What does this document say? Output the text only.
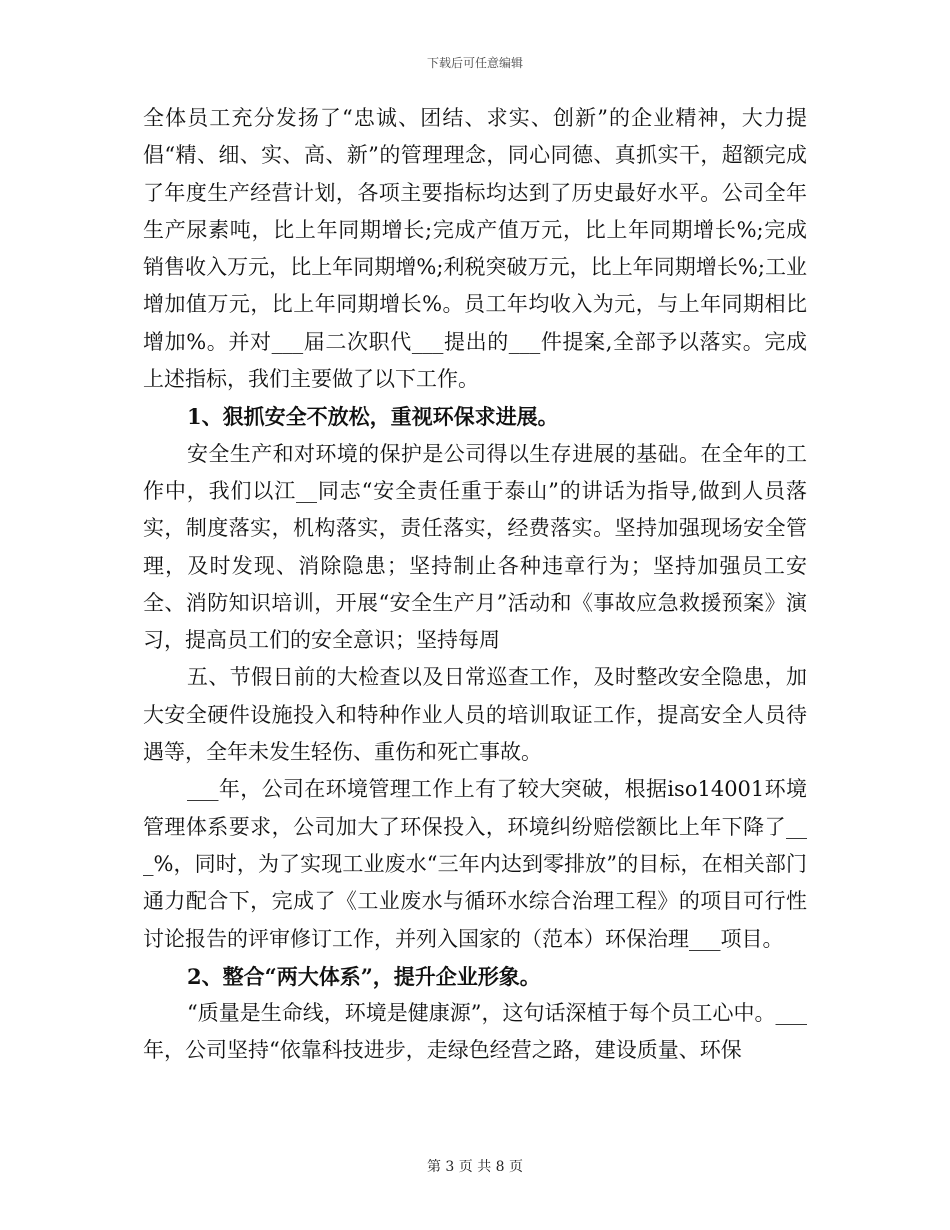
下载后可任意编辑

全体员工充分发扬了“忠诚、团结、求实、创新”的企业精神，大力提倡“精、细、实、高、新”的管理理念，同心同德、真抓实干，超额完成了年度生产经营计划，各项主要指标均达到了历史最好水平。公司全年生产尿素吨，比上年同期增长;完成产值万元，比上年同期增长%;完成销售收入万元，比上年同期增%;利税突破万元，比上年同期增长%;工业增加值万元，比上年同期增长%。员工年均收入为元，与上年同期相比增加%。并对___届二次职代___提出的___件提案,全部予以落实。完成上述指标，我们主要做了以下工作。

1、狠抓安全不放松，重视环保求进展。

安全生产和对环境的保护是公司得以生存进展的基础。在全年的工作中，我们以江__同志“安全责任重于泰山”的讲话为指导,做到人员落实，制度落实，机构落实，责任落实，经费落实。坚持加强现场安全管理，及时发现、消除隐患；坚持制止各种违章行为；坚持加强员工安全、消防知识培训，开展“安全生产月”活动和《事故应急救援预案》演习，提高员工们的安全意识；坚持每周

五、节假日前的大检查以及日常巡查工作，及时整改安全隐患，加大安全硬件设施投入和特种作业人员的培训取证工作，提高安全人员待遇等，全年未发生轻伤、重伤和死亡事故。

___年，公司在环境管理工作上有了较大突破，根据iso14001环境管理体系要求，公司加大了环保投入，环境纠纷赔偿额比上年下降了___%，同时，为了实现工业废水“三年内达到零排放”的目标，在相关部门通力配合下，完成了《工业废水与循环水综合治理工程》的项目可行性讨论报告的评审修订工作，并列入国家的（范本）环保治理___项目。

2、整合“两大体系”，提升企业形象。

“质量是生命线，环境是健康源”，这句话深植于每个员工心中。___年，公司坚持“依靠科技进步，走绿色经营之路，建设质量、环保

第 3 页 共 8 页
